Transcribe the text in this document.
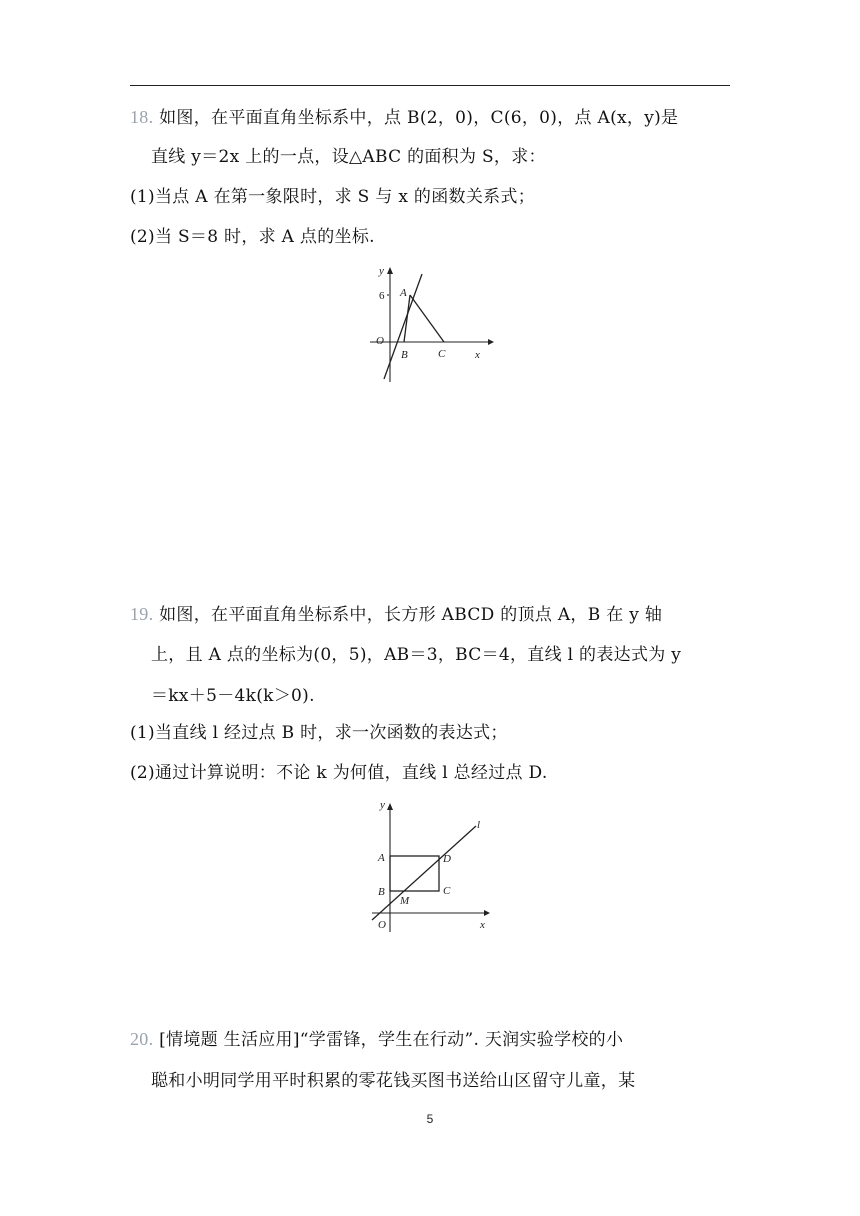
18. 如图，在平面直角坐标系中，点 B(2，0)，C(6，0)，点 A(x，y)是
直线 y＝2x 上的一点，设△ABC 的面积为 S，求：
(1)当点 A 在第一象限时，求 S 与 x 的函数关系式；
(2)当 S＝8 时，求 A 点的坐标.
y
6 A
O
B	C	x
19. 如图，在平面直角坐标系中，长方形 ABCD 的顶点 A，B 在 y 轴
上，且 A 点的坐标为(0，5)，AB＝3，BC＝4，直线 l 的表达式为 y
＝kx＋5－4k(k＞0).
(1)当直线 l 经过点 B 时，求一次函数的表达式；
(2)通过计算说明：不论 k 为何值，直线 l 总经过点 D.
y
l
A	D
B	C
M
O	x
20. [情境题 生活应用]“学雷锋，学生在行动”. 天润实验学校的小
聪和小明同学用平时积累的零花钱买图书送给山区留守儿童，某
5
